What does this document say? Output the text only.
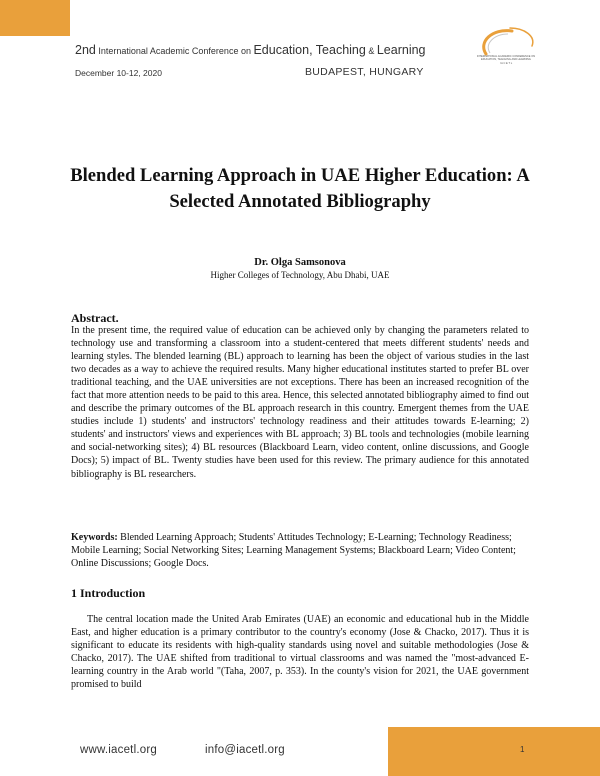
2nd International Academic Conference on Education, Teaching & Learning
December 10-12, 2020	BUDAPEST, HUNGARY
INTERNATIONAL ACADEMIC CONFERENCE ON EDUCATION, TEACHING AND LEARNING
I A C E T L
Blended Learning Approach in UAE Higher Education: A Selected Annotated Bibliography
Dr. Olga Samsonova
Higher Colleges of Technology, Abu Dhabi, UAE
Abstract.
In the present time, the required value of education can be achieved only by changing the parameters related to technology use and transforming a classroom into a student-centered that meets different students' needs and learning styles. The blended learning (BL) approach to learning has been the object of various studies in the last two decades as a way to achieve the required results. Many higher educational institutes started to prefer BL over traditional teaching, and the UAE universities are not exceptions. There has been an increased recognition of the fact that more attention needs to be paid to this area. Hence, this selected annotated bibliography aimed to find out and describe the primary outcomes of the BL approach research in this country. Emergent themes from the UAE studies include 1) students' and instructors' technology readiness and their attitudes towards E-learning; 2) students' and instructors' views and experiences with BL approach; 3) BL tools and technologies (mobile learning and social-networking sites); 4) BL resources (Blackboard Learn, video content, online discussions, and Google Docs); 5) impact of BL. Twenty studies have been used for this review. The primary audience for this annotated bibliography is BL researchers.
Keywords: Blended Learning Approach; Students' Attitudes Technology; E-Learning; Technology Readiness; Mobile Learning; Social Networking Sites; Learning Management Systems; Blackboard Learn; Video Content; Online Discussions; Google Docs.
1 Introduction

The central location made the United Arab Emirates (UAE) an economic and educational hub in the Middle East, and higher education is a primary contributor to the country's economy (Jose & Chacko, 2017). Thus it is significant to educate its residents with high-quality standards using novel and suitable methodologies (Jose & Chacko, 2017). The UAE shifted from traditional to virtual classrooms and was named the "most-advanced E-learning country in the Arab world "(Taha, 2007, p. 353). In the county's vision for 2021, the UAE government promised to build

www.iacetl.org	info@iacetl.org	1
